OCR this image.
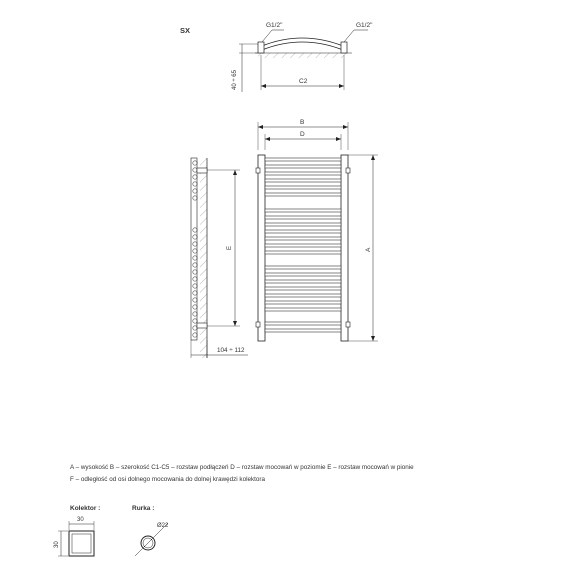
SX
G1/2"	G1/2"
40 ÷ 65	C2
E
104 ÷ 112
B
D
A
Kolektor :
30
30
Rurka :
Ø22
A – wysokość B – szerokość C1-C5 – rozstaw podłączeń D – rozstaw mocowań w poziomie E – rozstaw mocowań w pionie
F – odległość od osi dolnego mocowania do dolnej krawędzi kolektora
